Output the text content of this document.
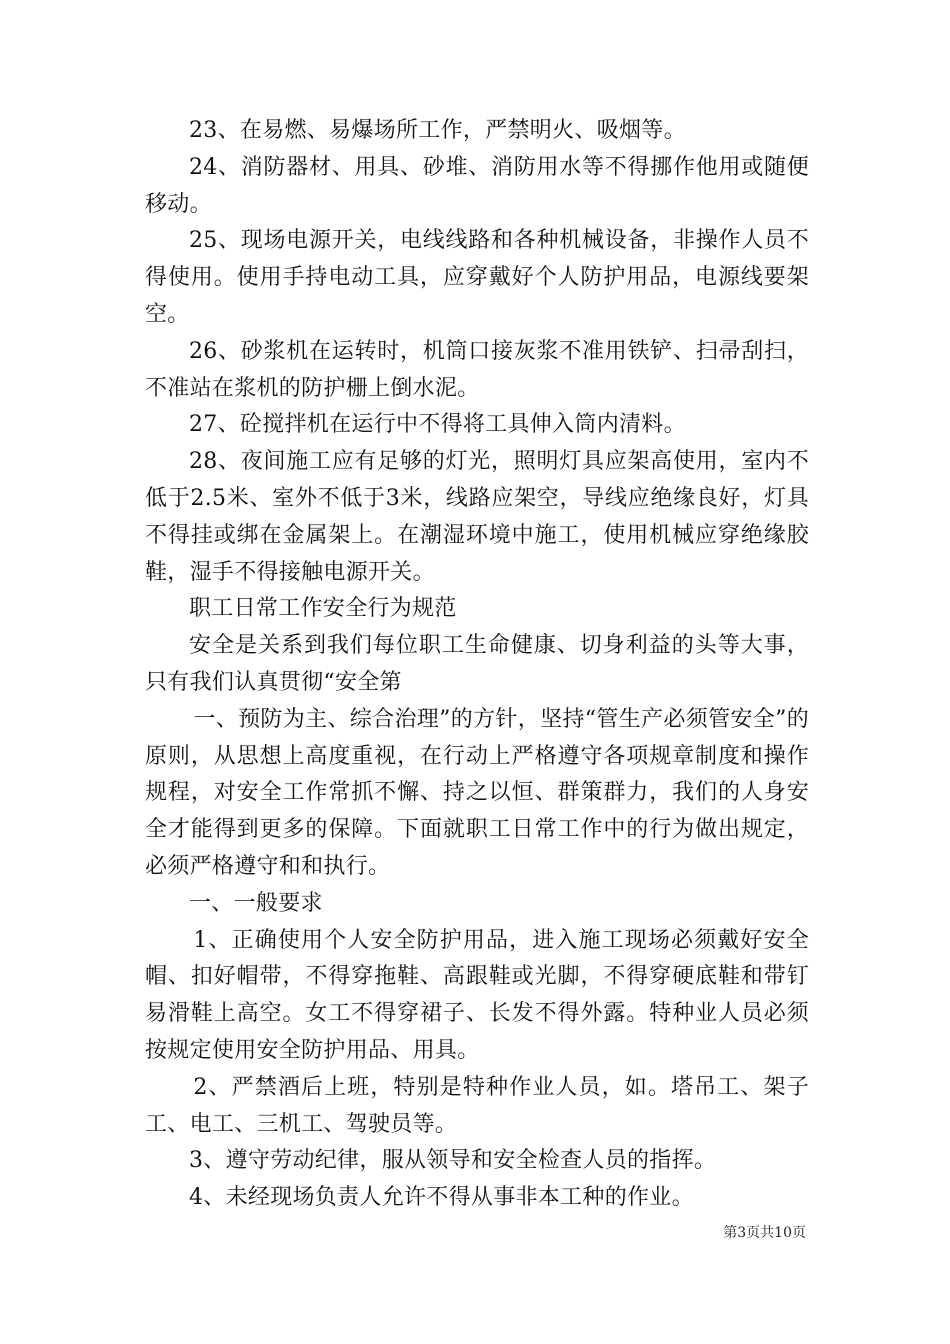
23、在易燃、易爆场所工作，严禁明火、吸烟等。

24、消防器材、用具、砂堆、消防用水等不得挪作他用或随便移动。

25、现场电源开关，电线线路和各种机械设备，非操作人员不得使用。使用手持电动工具，应穿戴好个人防护用品，电源线要架空。

26、砂浆机在运转时，机筒口接灰浆不准用铁铲、扫帚刮扫，不准站在浆机的防护栅上倒水泥。

27、砼搅拌机在运行中不得将工具伸入筒内清料。

28、夜间施工应有足够的灯光，照明灯具应架高使用，室内不低于2.5米、室外不低于3米，线路应架空，导线应绝缘良好，灯具不得挂或绑在金属架上。在潮湿环境中施工，使用机械应穿绝缘胶鞋，湿手不得接触电源开关。

职工日常工作安全行为规范

安全是关系到我们每位职工生命健康、切身利益的头等大事，只有我们认真贯彻“安全第

一、预防为主、综合治理”的方针，坚持“管生产必须管安全”的原则，从思想上高度重视，在行动上严格遵守各项规章制度和操作规程，对安全工作常抓不懈、持之以恒、群策群力，我们的人身安全才能得到更多的保障。下面就职工日常工作中的行为做出规定，必须严格遵守和和执行。

一、一般要求

1、正确使用个人安全防护用品，进入施工现场必须戴好安全帽、扣好帽带，不得穿拖鞋、高跟鞋或光脚，不得穿硬底鞋和带钉易滑鞋上高空。女工不得穿裙子、长发不得外露。特种业人员必须按规定使用安全防护用品、用具。

2、严禁酒后上班，特别是特种作业人员，如。塔吊工、架子工、电工、三机工、驾驶员等。

3、遵守劳动纪律，服从领导和安全检查人员的指挥。

4、未经现场负责人允许不得从事非本工种的作业。

第3页共10页
